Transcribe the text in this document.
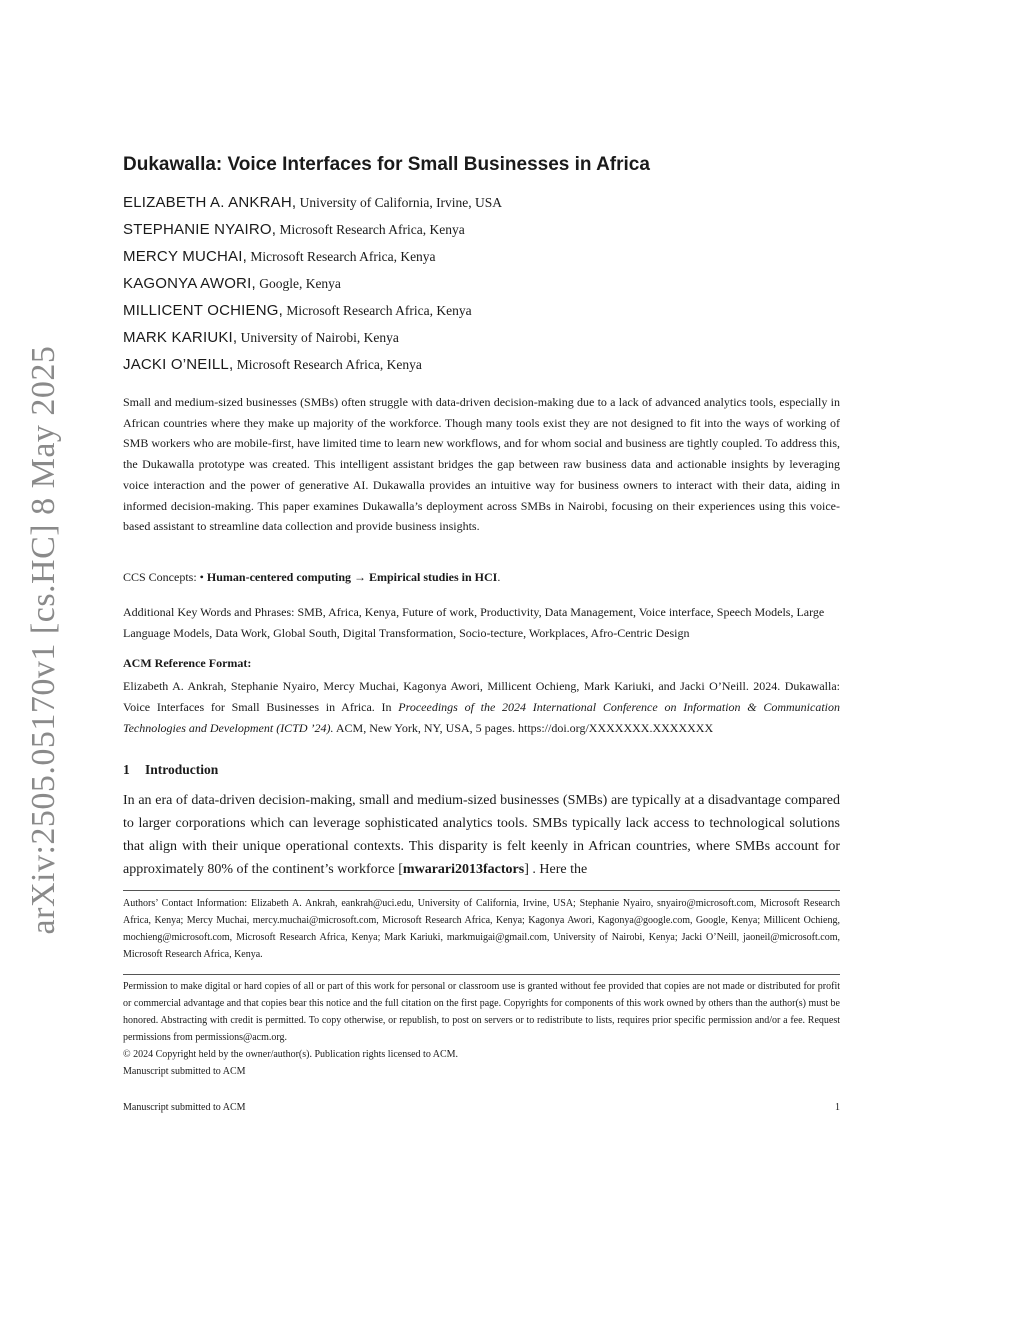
arXiv:2505.05170v1 [cs.HC] 8 May 2025
Dukawalla: Voice Interfaces for Small Businesses in Africa
ELIZABETH A. ANKRAH, University of California, Irvine, USA
STEPHANIE NYAIRO, Microsoft Research Africa, Kenya
MERCY MUCHAI, Microsoft Research Africa, Kenya
KAGONYA AWORI, Google, Kenya
MILLICENT OCHIENG, Microsoft Research Africa, Kenya
MARK KARIUKI, University of Nairobi, Kenya
JACKI O’NEILL, Microsoft Research Africa, Kenya
Small and medium-sized businesses (SMBs) often struggle with data-driven decision-making due to a lack of advanced analytics tools, especially in African countries where they make up majority of the workforce. Though many tools exist they are not designed to fit into the ways of working of SMB workers who are mobile-first, have limited time to learn new workflows, and for whom social and business are tightly coupled. To address this, the Dukawalla prototype was created. This intelligent assistant bridges the gap between raw business data and actionable insights by leveraging voice interaction and the power of generative AI. Dukawalla provides an intuitive way for business owners to interact with their data, aiding in informed decision-making. This paper examines Dukawalla’s deployment across SMBs in Nairobi, focusing on their experiences using this voice-based assistant to streamline data collection and provide business insights.
CCS Concepts: • Human-centered computing → Empirical studies in HCI.
Additional Key Words and Phrases: SMB, Africa, Kenya, Future of work, Productivity, Data Management, Voice interface, Speech Models, Large Language Models, Data Work, Global South, Digital Transformation, Socio-tecture, Workplaces, Afro-Centric Design
ACM Reference Format:
Elizabeth A. Ankrah, Stephanie Nyairo, Mercy Muchai, Kagonya Awori, Millicent Ochieng, Mark Kariuki, and Jacki O’Neill. 2024. Dukawalla: Voice Interfaces for Small Businesses in Africa. In Proceedings of the 2024 International Conference on Information & Communication Technologies and Development (ICTD ’24). ACM, New York, NY, USA, 5 pages. https://doi.org/XXXXXXX.XXXXXXX
1 Introduction
In an era of data-driven decision-making, small and medium-sized businesses (SMBs) are typically at a disadvantage compared to larger corporations which can leverage sophisticated analytics tools. SMBs typically lack access to technological solutions that align with their unique operational contexts. This disparity is felt keenly in African countries, where SMBs account for approximately 80% of the continent’s workforce [mwarari2013factors] . Here the
Authors’ Contact Information: Elizabeth A. Ankrah, eankrah@uci.edu, University of California, Irvine, USA; Stephanie Nyairo, snyairo@microsoft.com, Microsoft Research Africa, Kenya; Mercy Muchai, mercy.muchai@microsoft.com, Microsoft Research Africa, Kenya; Kagonya Awori, Kagonya@google.com, Google, Kenya; Millicent Ochieng, mochieng@microsoft.com, Microsoft Research Africa, Kenya; Mark Kariuki, markmuigai@gmail.com, University of Nairobi, Kenya; Jacki O’Neill, jaoneil@microsoft.com, Microsoft Research Africa, Kenya.

Permission to make digital or hard copies of all or part of this work for personal or classroom use is granted without fee provided that copies are not made or distributed for profit or commercial advantage and that copies bear this notice and the full citation on the first page. Copyrights for components of this work owned by others than the author(s) must be honored. Abstracting with credit is permitted. To copy otherwise, or republish, to post on servers or to redistribute to lists, requires prior specific permission and/or a fee. Request permissions from permissions@acm.org.

© 2024 Copyright held by the owner/author(s). Publication rights licensed to ACM.

Manuscript submitted to ACM

Manuscript submitted to ACM	1
